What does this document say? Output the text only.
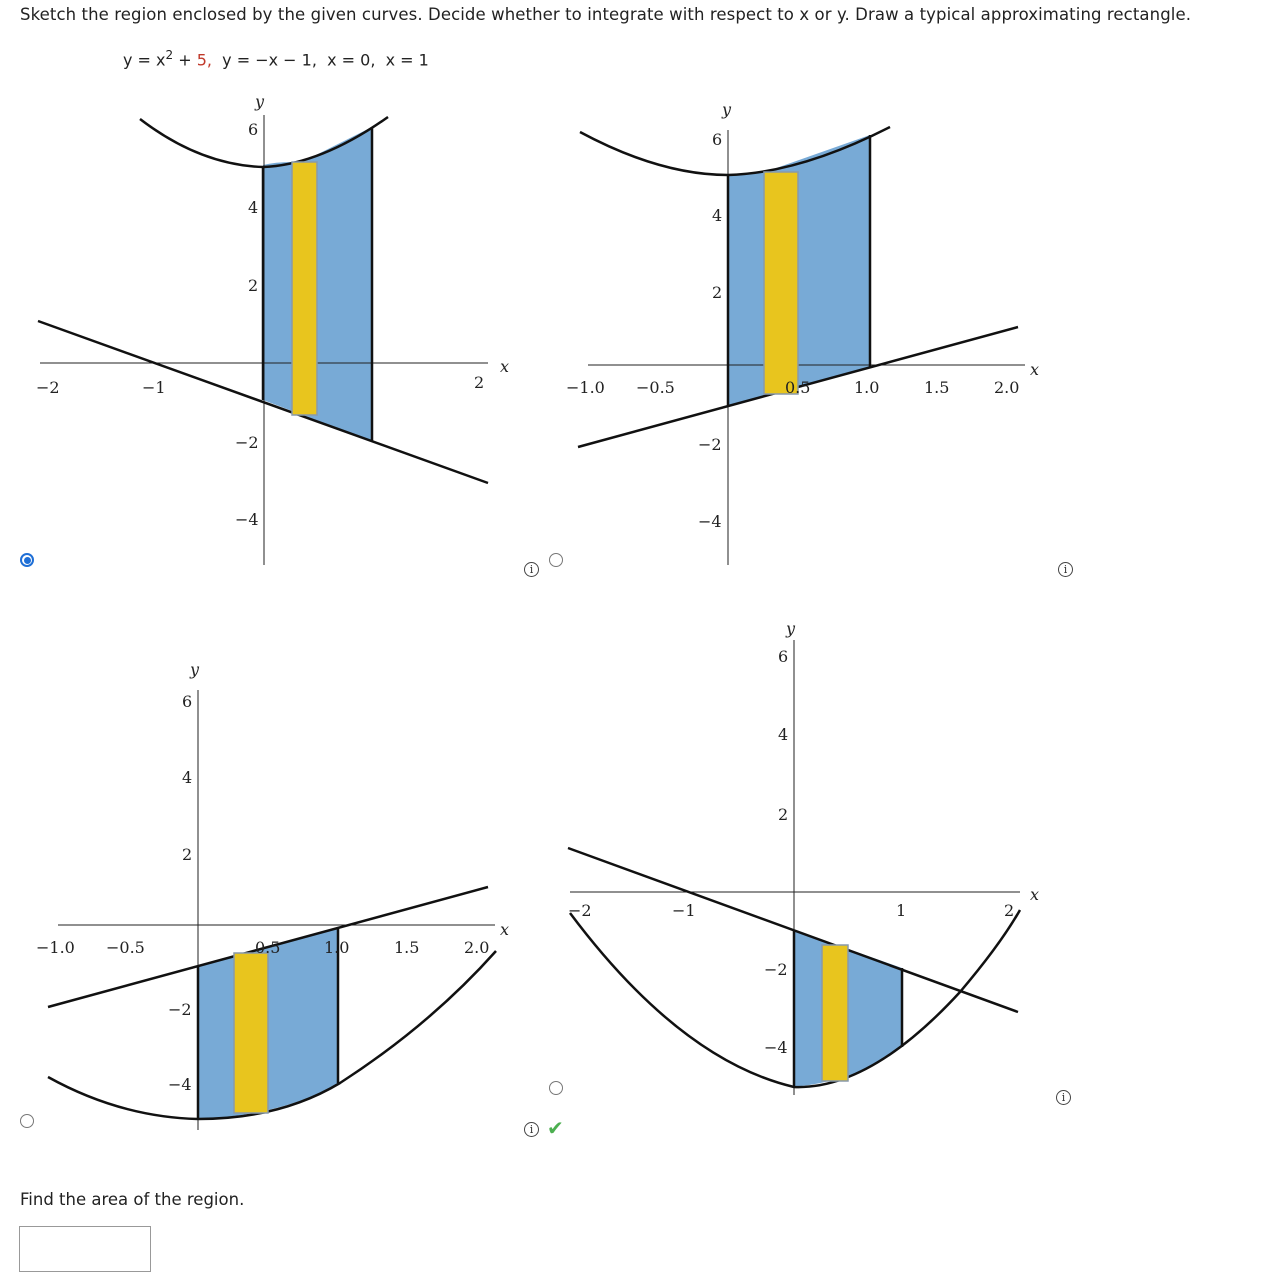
Sketch the region enclosed by the given curves. Decide whether to integrate with respect to x or y. Draw a typical approximating rectangle.
$y = x^2 + 5$,  y = −x − 1,  x = 0,  x = 1
y
x
−2	−1	2
6
4
2
−2
−4
i
y
x
−1.0 −0.5	0.5	1.0	1.5	2.0
6
4
2
−2
−4
i
y
x
−1.0 −0.5	0.5	1.0	1.5	2.0
6
4
2
−2
−4
i ✔
y
x
−2	−1	1	2
6
4
2
−2
−4
i
Find the area of the region.
